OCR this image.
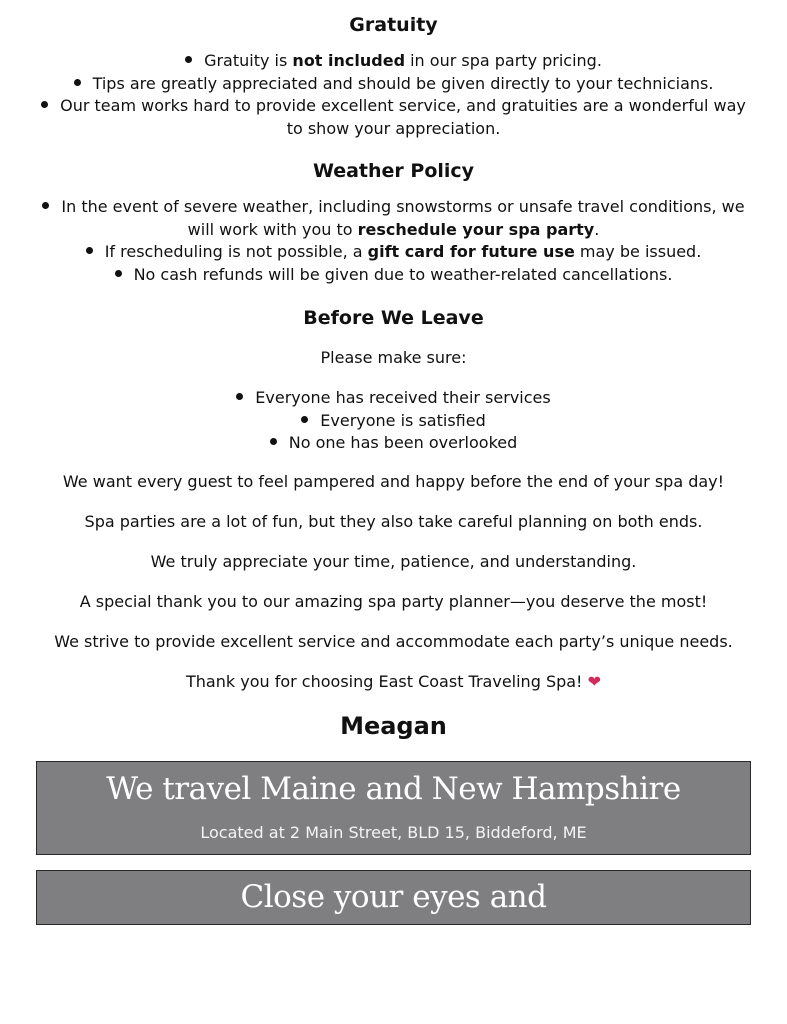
Gratuity
Gratuity is not included in our spa party pricing.
Tips are greatly appreciated and should be given directly to your technicians.
Our team works hard to provide excellent service, and gratuities are a wonderful way to show your appreciation.
Weather Policy
In the event of severe weather, including snowstorms or unsafe travel conditions, we will work with you to reschedule your spa party.
If rescheduling is not possible, a gift card for future use may be issued.
No cash refunds will be given due to weather-related cancellations.
Before We Leave

Please make sure:

Everyone has received their services
Everyone is satisfied
No one has been overlooked

We want every guest to feel pampered and happy before the end of your spa day!

Spa parties are a lot of fun, but they also take careful planning on both ends.

We truly appreciate your time, patience, and understanding.

A special thank you to our amazing spa party planner—you deserve the most!

We strive to provide excellent service and accommodate each party’s unique needs.

Thank you for choosing East Coast Traveling Spa! ❤

Meagan
We travel Maine and New Hampshire
Located at 2 Main Street, BLD 15, Biddeford, ME
Close your eyes and
